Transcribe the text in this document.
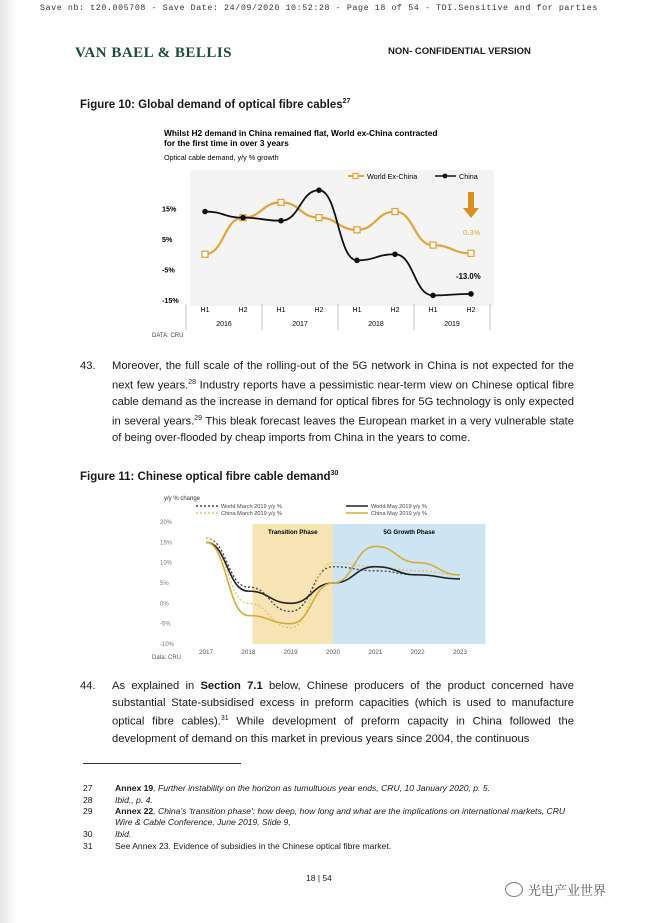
Save nb: t20.005708 - Save Date: 24/09/2020 10:52:28 - Page 18 of 54 - TDI.Sensitive and for parties
VAN BAEL & BELLIS	NON- CONFIDENTIAL VERSION
Figure 10: Global demand of optical fibre cables$^{27}$
Whilst H2 demand in China remained flat, World ex-China contracted
for the first time in over 3 years
Optical cable demand, y/y % growth
World Ex-China	China
15%
5%
-5%
-15%
H1	H2	H1	H2	H1	H2	H1	H2
2016	2017	2018	2019
0.3%
-13.0%
DATA: CRU
43. Moreover, the full scale of the rolling-out of the 5G network in China is not expected for the next few years.$^{28}$ Industry reports have a pessimistic near-term view on Chinese optical fibre cable demand as the increase in demand for optical fibres for 5G technology is only expected in several years.$^{29}$ This bleak forecast leaves the European market in a very vulnerable state of being over-flooded by cheap imports from China in the years to come.
Figure 11: Chinese optical fibre cable demand$^{30}$
Transition Phase	5G Growth Phase
y/y % change
World March 2019 y/y %
China March 2019 y/y %
World May 2019 y/y %
China May 2019 y/y %
20%
15%
10%
5%
0%
-5%
-10%
2017	2018	2019	2020	2021	2022	2023
Data: CRU
44. As explained in Section 7.1 below, Chinese producers of the product concerned have substantial State-subsidised excess in preform capacities (which is used to manufacture optical fibre cables).$^{31}$ While development of preform capacity in China followed the development of demand on this market in previous years since 2004, the continuous
27	Annex 19, Further instability on the horizon as tumultuous year ends, CRU, 10 January 2020, p. 5.
28	Ibid., p. 4.
29	Annex 22, China's 'transition phase': how deep, how long and what are the implications on international markets, CRU Wire & Cable Conference, June 2019, Slide 9,
30	Ibid.
31	See Annex 23. Evidence of subsidies in the Chinese optical fibre market.
18 | 54
光电产业世界
